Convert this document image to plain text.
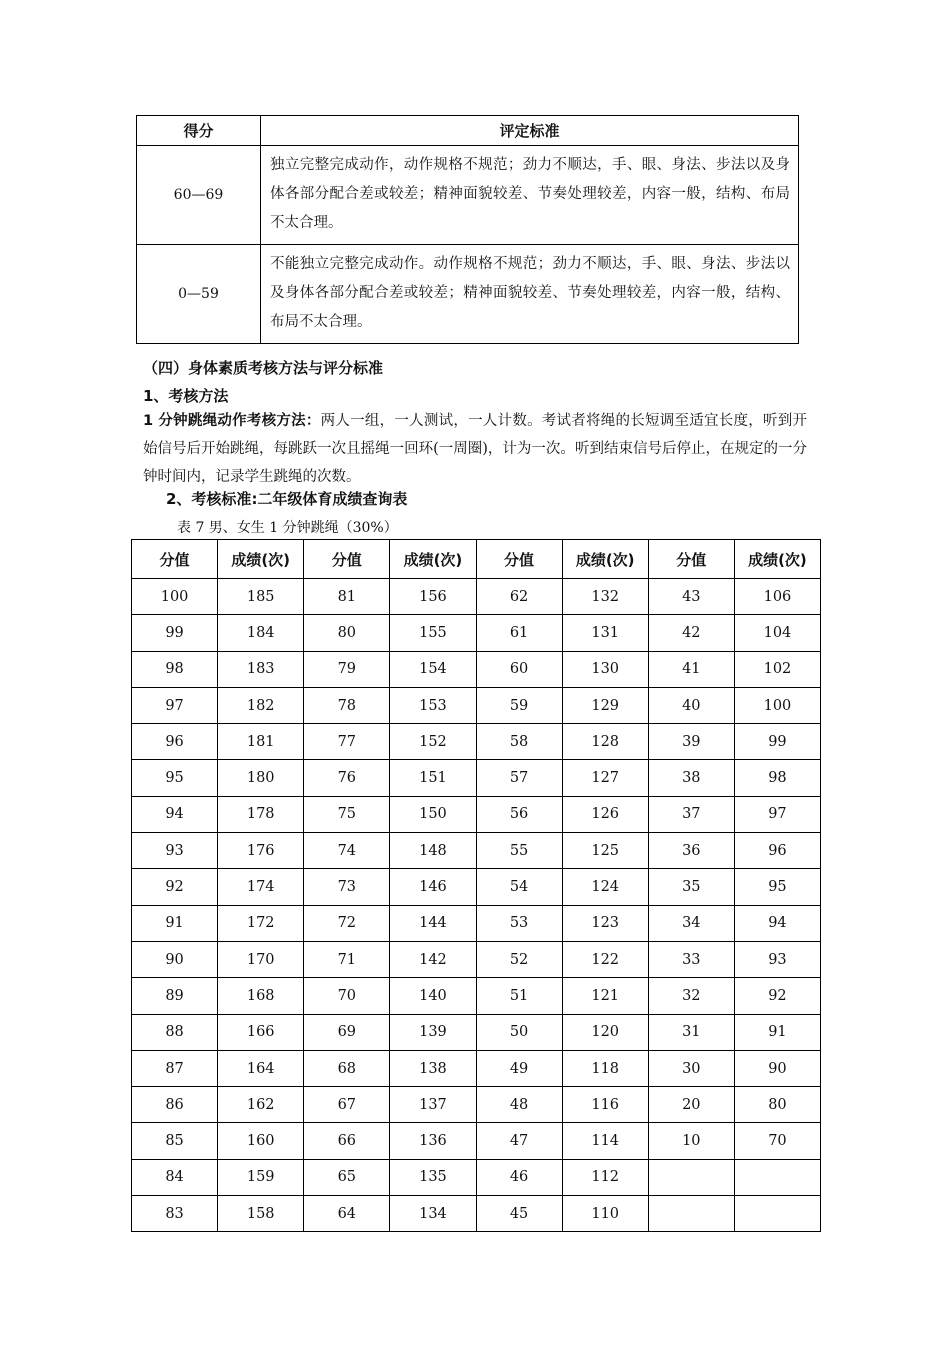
得分	评定标准
60—69	独立完整完成动作，动作规格不规范；劲力不顺达，手、眼、身法、步法以及身体各部分配合差或较差；精神面貌较差、节奏处理较差，内容一般，结构、布局不太合理。
0—59	不能独立完整完成动作。动作规格不规范；劲力不顺达，手、眼、身法、步法以及身体各部分配合差或较差；精神面貌较差、节奏处理较差，内容一般，结构、布局不太合理。
（四）身体素质考核方法与评分标准
1、考核方法
1 分钟跳绳动作考核方法：两人一组，一人测试，一人计数。考试者将绳的长短调至适宜长度，听到开始信号后开始跳绳，每跳跃一次且摇绳一回环(一周圈)，计为一次。听到结束信号后停止，在规定的一分钟时间内，记录学生跳绳的次数。
2、考核标准:二年级体育成绩查询表
表 7 男、女生 1 分钟跳绳（30%）
分值	成绩(次)	分值	成绩(次)	分值	成绩(次)	分值	成绩(次)
100	185	81	156	62	132	43	106
99	184	80	155	61	131	42	104
98	183	79	154	60	130	41	102
97	182	78	153	59	129	40	100
96	181	77	152	58	128	39	99
95	180	76	151	57	127	38	98
94	178	75	150	56	126	37	97
93	176	74	148	55	125	36	96
92	174	73	146	54	124	35	95
91	172	72	144	53	123	34	94
90	170	71	142	52	122	33	93
89	168	70	140	51	121	32	92
88	166	69	139	50	120	31	91
87	164	68	138	49	118	30	90
86	162	67	137	48	116	20	80
85	160	66	136	47	114	10	70
84	159	65	135	46	112		
83	158	64	134	45	110		
